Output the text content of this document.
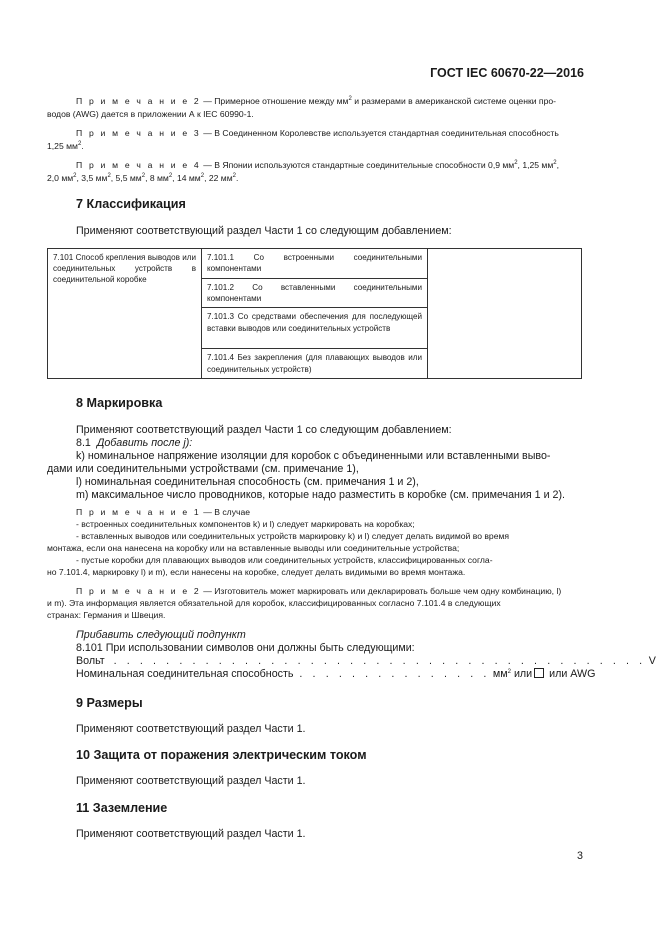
ГОСТ IEC 60670-22—2016
П р и м е ч а н и е 2 — Примерное отношение между $мм^2$ и размерами в американской системе оценки про-
водов (AWG) дается в приложении А к IEC 60990-1.
П р и м е ч а н и е 3 — В Соединенном Королевстве используется стандартная соединительная способность
1,25 $мм^2$.
П р и м е ч а н и е 4 — В Японии используются стандартные соединительные способности 0,9 $мм^2$, 1,25 $мм^2$,
2,0 $мм^2$, 3,5 $мм^2$, 5,5 $мм^2$, 8 $мм^2$, 14 $мм^2$, 22 $мм^2$.
7 Классификация
Применяют соответствующий раздел Части 1 со следующим добавлением:
7.101 Способ крепления выводов или соединительных устройств в соединительной коробке	7.101.1 Со встроенными соединительными компонентами	
7.101.2 Со вставленными соединительными компонентами
7.101.3 Со средствами обеспечения для последующей вставки выводов или соединительных устройств
7.101.4 Без закрепления (для плавающих выводов или соединительных устройств)
8 Маркировка
Применяют соответствующий раздел Части 1 со следующим добавлением:
8.1 Добавить после j):
k) номинальное напряжение изоляции для коробок с объединенными или вставленными выво-
дами или соединительными устройствами (см. примечание 1),
l) номинальная соединительная способность (см. примечания 1 и 2),
m) максимальное число проводников, которые надо разместить в коробке (см. примечания 1 и 2).
П р и м е ч а н и е 1 — В случае
- встроенных соединительных компонентов k) и l) следует маркировать на коробках;
- вставленных выводов или соединительных устройств маркировку k) и l) следует делать видимой во время
монтажа, если она нанесена на коробку или на вставленные выводы или соединительные устройства;
- пустые коробки для плавающих выводов или соединительных устройств, классифицированных согла-
но 7.101.4, маркировку l) и m), если нанесены на коробке, следует делать видимыми во время монтажа.
П р и м е ч а н и е 2 — Изготовитель может маркировать или декларировать больше чем одну комбинацию, l)
и m). Эта информация является обязательной для коробок, классифицированных согласно 7.101.4 в следующих
странах: Германия и Швеция.
Прибавить следующий подпункт
8.101 При использовании символов они должны быть следующими:
Вольт . . . . . . . . . . . . . . . . . . . . . . . . . . . . . . . . . . . . . . . . . V
Номинальная соединительная способность . . . . . . . . . . . . . . . $мм^2$ или или AWG
9 Размеры
Применяют соответствующий раздел Части 1.
10 Защита от поражения электрическим током
Применяют соответствующий раздел Части 1.
11 Заземление
Применяют соответствующий раздел Части 1.
3
